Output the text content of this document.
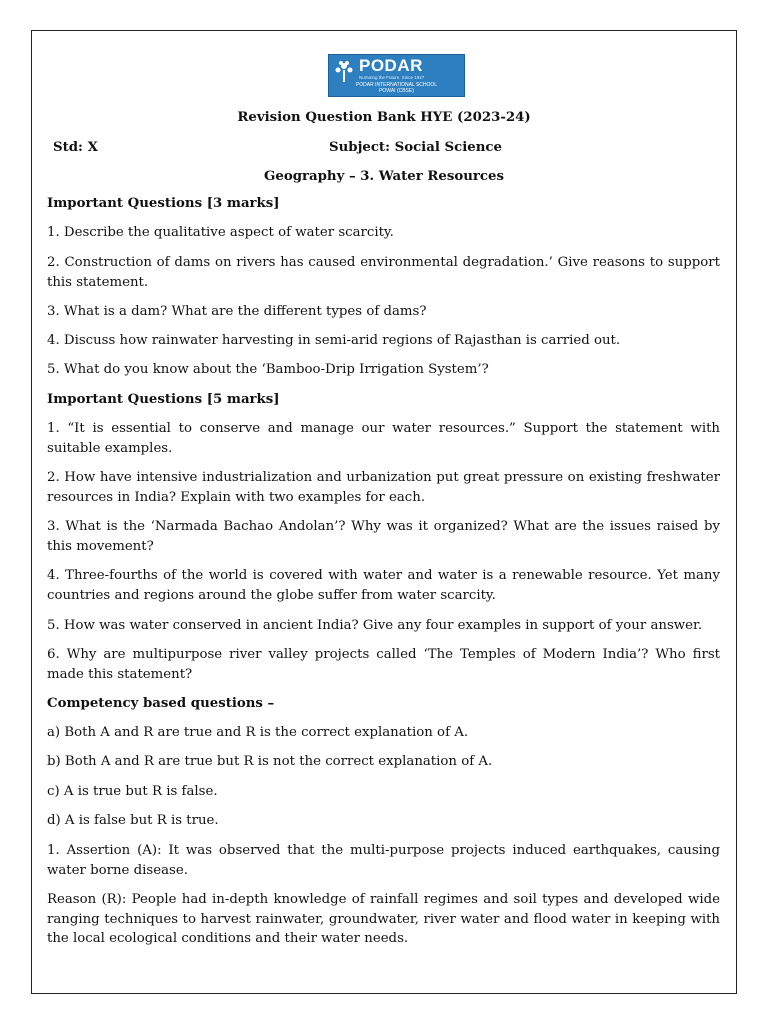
PODAR
Nurturing the Future. Since 1927
PODAR INTERNATIONAL SCHOOL
POWAI (CBSE)
Revision Question Bank HYE (2023-24)
Std: X	Subject: Social Science
Geography – 3. Water Resources
Important Questions [3 marks]
1. Describe the qualitative aspect of water scarcity.
2. Construction of dams on rivers has caused environmental degradation.’ Give reasons to support this statement.
3. What is a dam? What are the different types of dams?
4. Discuss how rainwater harvesting in semi-arid regions of Rajasthan is carried out.
5. What do you know about the ‘Bamboo-Drip Irrigation System’?
Important Questions [5 marks]
1. “It is essential to conserve and manage our water resources.” Support the statement with suitable examples.
2. How have intensive industrialization and urbanization put great pressure on existing freshwater resources in India? Explain with two examples for each.
3. What is the ‘Narmada Bachao Andolan’? Why was it organized? What are the issues raised by this movement?
4. Three-fourths of the world is covered with water and water is a renewable resource. Yet many countries and regions around the globe suffer from water scarcity.
5. How was water conserved in ancient India? Give any four examples in support of your answer.
6. Why are multipurpose river valley projects called ‘The Temples of Modern India’? Who first made this statement?
Competency based questions –
a) Both A and R are true and R is the correct explanation of A.
b) Both A and R are true but R is not the correct explanation of A.
c) A is true but R is false.
d) A is false but R is true.
1. Assertion (A): It was observed that the multi-purpose projects induced earthquakes, causing water borne disease.
Reason (R): People had in-depth knowledge of rainfall regimes and soil types and developed wide ranging techniques to harvest rainwater, groundwater, river water and flood water in keeping with the local ecological conditions and their water needs.
